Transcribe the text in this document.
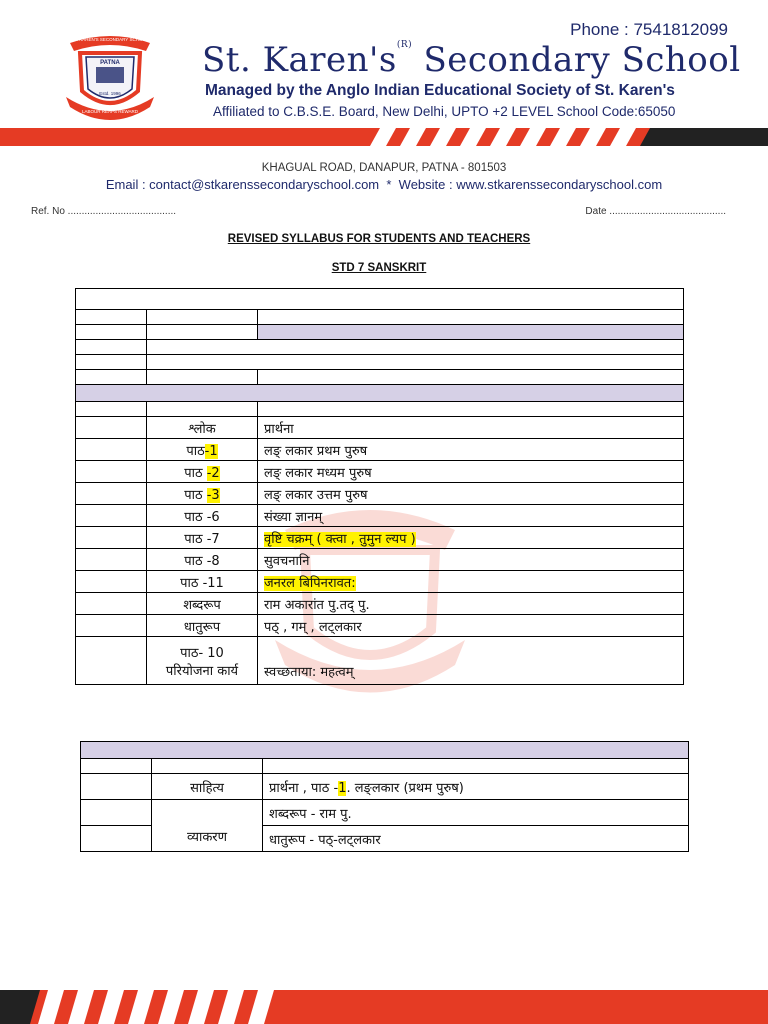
Phone : 7541812099
PATNA
Estd. 1996
ST. KAREN'S SECONDARY SCHOOL
LABOUR REAPS REWARD
St. $Karen's^{(R)}$ Secondary School
Managed by the Anglo Indian Educational Society of St. Karen's
Affiliated to C.B.S.E. Board, New Delhi, UPTO +2 LEVEL School Code:65050
KHAGUAL ROAD, DANAPUR, PATNA - 801503
Email : contact@stkarenssecondaryschool.com * Website : www.stkarenssecondaryschool.com
Ref. No .......................................	Date ..........................................
REVISED SYLLABUS FOR STUDENTS AND TEACHERS
STD 7 SANSKRIT

	श्लोक	प्रार्थना
	पाठ-1	लङ् लकार प्रथम पुरुष
	पाठ -2	लङ् लकार मध्यम पुरुष
	पाठ -3	लङ् लकार उत्तम पुरुष
	पाठ -6	संख्या ज्ञानम्
	पाठ -7	वृष्टि चक्रम् ( क्त्वा , तुमुन ल्यप )
	पाठ -8	सुवचनानि
	पाठ -11	जनरल बिपिनरावत:
	शब्दरूप	राम अकारांत पु.तद् पु.
	धातुरूप	पठ् , गम् , लट्लकार

	पाठ- 10
परियोजना कार्य	स्वच्छताया: महत्वम्

	साहित्य	प्रार्थना , पाठ -1. लङ्लकार (प्रथम पुरुष)
	व्याकरण	शब्दरूप - राम पु.
		धातुरूप - पठ्-लट्लकार
